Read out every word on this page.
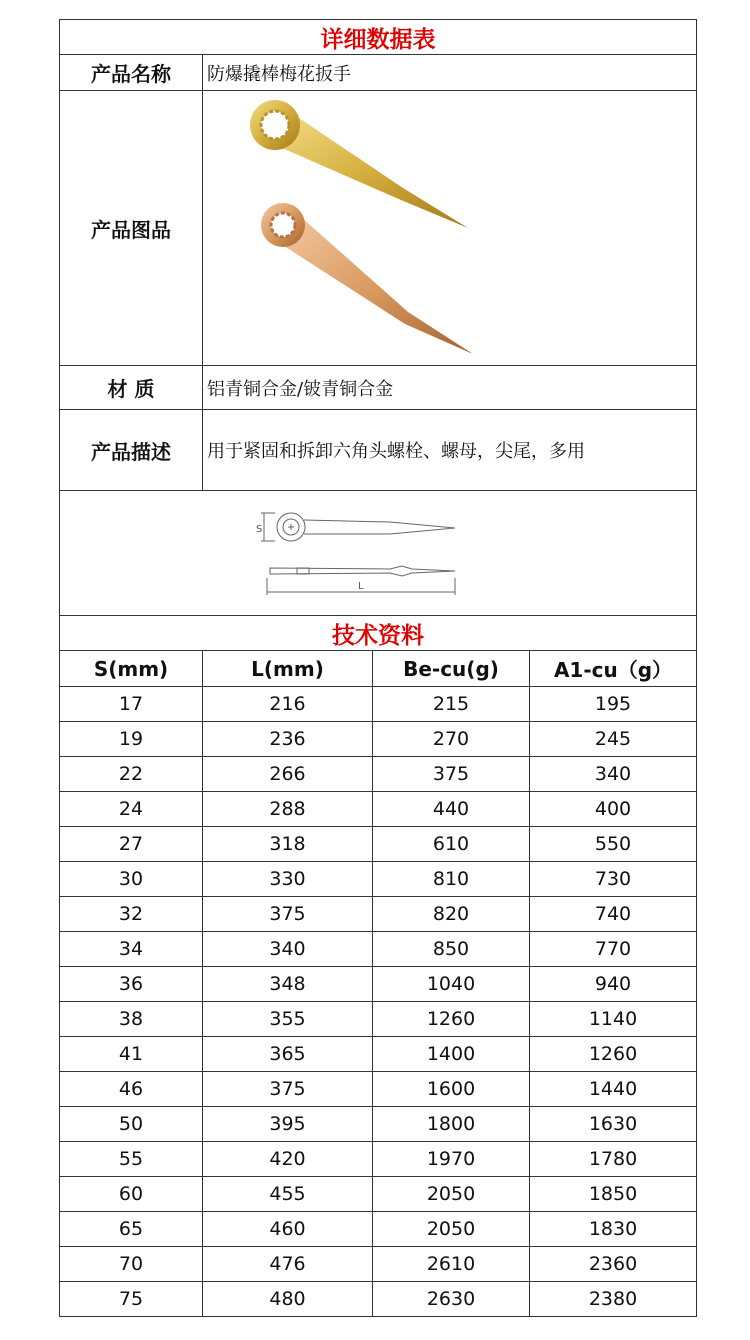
详细数据表			
产品名称	防爆撬棒梅花扳手		
产品图品	

材 质	铝青铜合金/铍青铜合金		
产品描述	用于紧固和拆卸六角头螺栓、螺母，尖尾，多用		

S
L			

技术资料			
S(mm)	L(mm)	Be-cu(g)	A1-cu（g）
17	216	215	195
19	236	270	245
22	266	375	340
24	288	440	400
27	318	610	550
30	330	810	730
32	375	820	740
34	340	850	770
36	348	1040	940
38	355	1260	1140
41	365	1400	1260
46	375	1600	1440
50	395	1800	1630
55	420	1970	1780
60	455	2050	1850
65	460	2050	1830
70	476	2610	2360
75	480	2630	2380
